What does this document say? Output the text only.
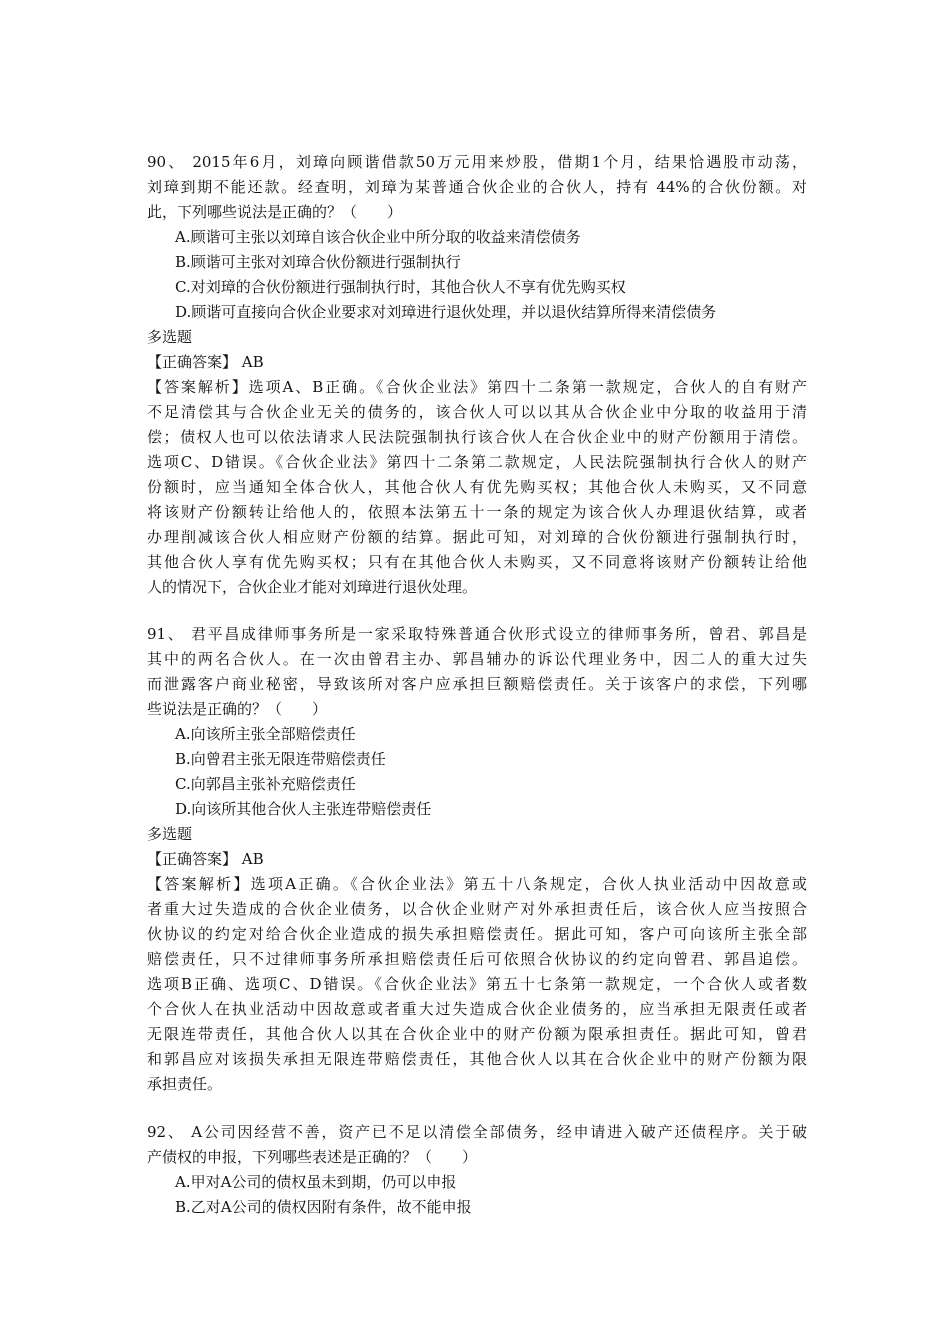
90、 2015年6月，刘璋向顾谐借款50万元用来炒股，借期1个月，结果恰遇股市动荡，
刘璋到期不能还款。经查明，刘璋为某普通合伙企业的合伙人，持有 44%的合伙份额。对
此，下列哪些说法是正确的？（　　）
A.顾谐可主张以刘璋自该合伙企业中所分取的收益来清偿债务
B.顾谐可主张对刘璋合伙份额进行强制执行
C.对刘璋的合伙份额进行强制执行时，其他合伙人不享有优先购买权
D.顾谐可直接向合伙企业要求对刘璋进行退伙处理，并以退伙结算所得来清偿债务
多选题
【正确答案】 AB
【答案解析】选项A、B正确。《合伙企业法》第四十二条第一款规定，合伙人的自有财产
不足清偿其与合伙企业无关的债务的，该合伙人可以以其从合伙企业中分取的收益用于清
偿；债权人也可以依法请求人民法院强制执行该合伙人在合伙企业中的财产份额用于清偿。
选项C、D错误。《合伙企业法》第四十二条第二款规定，人民法院强制执行合伙人的财产
份额时，应当通知全体合伙人，其他合伙人有优先购买权；其他合伙人未购买，又不同意
将该财产份额转让给他人的，依照本法第五十一条的规定为该合伙人办理退伙结算，或者
办理削减该合伙人相应财产份额的结算。据此可知，对刘璋的合伙份额进行强制执行时，
其他合伙人享有优先购买权；只有在其他合伙人未购买，又不同意将该财产份额转让给他
人的情况下，合伙企业才能对刘璋进行退伙处理。
91、 君平昌成律师事务所是一家采取特殊普通合伙形式设立的律师事务所，曾君、郭昌是
其中的两名合伙人。在一次由曾君主办、郭昌辅办的诉讼代理业务中，因二人的重大过失
而泄露客户商业秘密，导致该所对客户应承担巨额赔偿责任。关于该客户的求偿，下列哪
些说法是正确的？（　　）
A.向该所主张全部赔偿责任
B.向曾君主张无限连带赔偿责任
C.向郭昌主张补充赔偿责任
D.向该所其他合伙人主张连带赔偿责任
多选题
【正确答案】 AB
【答案解析】选项A正确。《合伙企业法》第五十八条规定，合伙人执业活动中因故意或
者重大过失造成的合伙企业债务，以合伙企业财产对外承担责任后，该合伙人应当按照合
伙协议的约定对给合伙企业造成的损失承担赔偿责任。据此可知，客户可向该所主张全部
赔偿责任，只不过律师事务所承担赔偿责任后可依照合伙协议的约定向曾君、郭昌追偿。
选项B正确、选项C、D错误。《合伙企业法》第五十七条第一款规定，一个合伙人或者数
个合伙人在执业活动中因故意或者重大过失造成合伙企业债务的，应当承担无限责任或者
无限连带责任，其他合伙人以其在合伙企业中的财产份额为限承担责任。据此可知，曾君
和郭昌应对该损失承担无限连带赔偿责任，其他合伙人以其在合伙企业中的财产份额为限
承担责任。
92、 A公司因经营不善，资产已不足以清偿全部债务，经申请进入破产还债程序。关于破
产债权的申报，下列哪些表述是正确的？（　　）
A.甲对A公司的债权虽未到期，仍可以申报
B.乙对A公司的债权因附有条件，故不能申报
